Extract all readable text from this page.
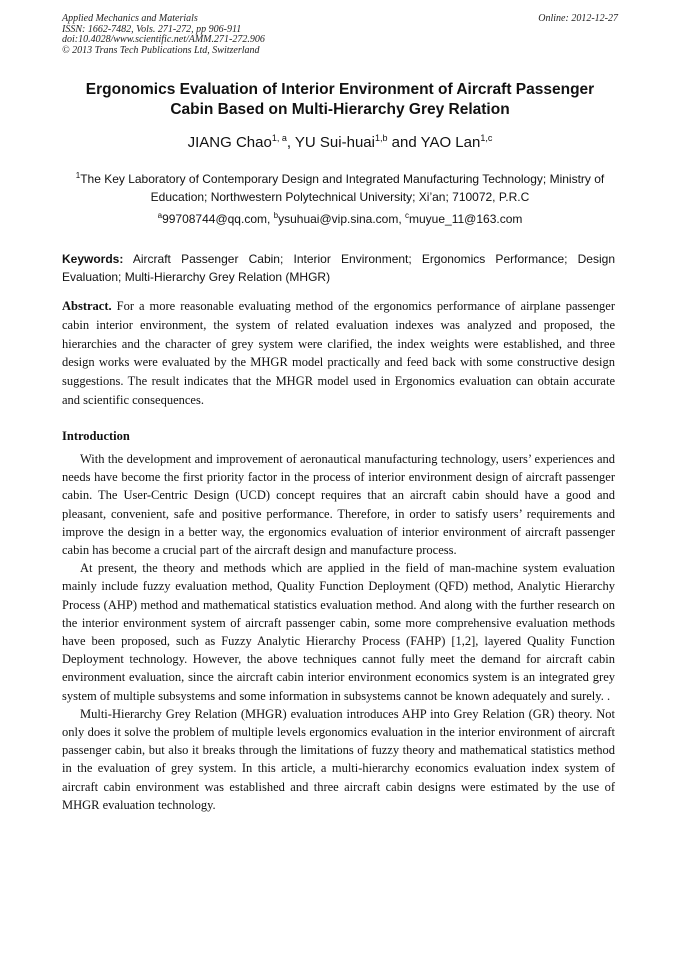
Applied Mechanics and Materials
ISSN: 1662-7482, Vols. 271-272, pp 906-911
doi:10.4028/www.scientific.net/AMM.271-272.906
© 2013 Trans Tech Publications Ltd, Switzerland
Online: 2012-12-27
Ergonomics Evaluation of Interior Environment of Aircraft Passenger
Cabin Based on Multi-Hierarchy Grey Relation
JIANG Chao$^{1, a}$, YU Sui-huai$^{1,b}$ and YAO Lan$^{1,c}$
$^1$The Key Laboratory of Contemporary Design and Integrated Manufacturing Technology; Ministry of
Education; Northwestern Polytechnical University; Xi’an; 710072, P.R.C
$^a$99708744@qq.com, $^b$ysuhuai@vip.sina.com, $^c$muyue_11@163.com
Keywords: Aircraft Passenger Cabin; Interior Environment; Ergonomics Performance; Design Evaluation; Multi-Hierarchy Grey Relation (MHGR)
Abstract. For a more reasonable evaluating method of the ergonomics performance of airplane passenger cabin interior environment, the system of related evaluation indexes was analyzed and proposed, the hierarchies and the character of grey system were clarified, the index weights were established, and three design works were evaluated by the MHGR model practically and feed back with some constructive design suggestions. The result indicates that the MHGR model used in Ergonomics evaluation can obtain accurate and scientific consequences.
Introduction

With the development and improvement of aeronautical manufacturing technology, users’ experiences and needs have become the first priority factor in the process of interior environment design of aircraft passenger cabin. The User-Centric Design (UCD) concept requires that an aircraft cabin should have a good and pleasant, convenient, safe and positive performance. Therefore, in order to satisfy users’ requirements and improve the design in a better way, the ergonomics evaluation of interior environment of aircraft passenger cabin has become a crucial part of the aircraft design and manufacture process.

At present, the theory and methods which are applied in the field of man-machine system evaluation mainly include fuzzy evaluation method, Quality Function Deployment (QFD) method, Analytic Hierarchy Process (AHP) method and mathematical statistics evaluation method. And along with the further research on the interior environment system of aircraft passenger cabin, some more comprehensive evaluation methods have been proposed, such as Fuzzy Analytic Hierarchy Process (FAHP) [1,2], layered Quality Function Deployment technology. However, the above techniques cannot fully meet the demand for aircraft cabin environment evaluation, since the aircraft cabin interior environment economics system is an integrated grey system of multiple subsystems and some information in subsystems cannot be known adequately and surely. .

Multi-Hierarchy Grey Relation (MHGR) evaluation introduces AHP into Grey Relation (GR) theory. Not only does it solve the problem of multiple levels ergonomics evaluation in the interior environment of aircraft passenger cabin, but also it breaks through the limitations of fuzzy theory and mathematical statistics method in the evaluation of grey system. In this article, a multi-hierarchy economics evaluation index system of aircraft cabin environment was established and three aircraft cabin designs were estimated by the use of MHGR evaluation technology.
